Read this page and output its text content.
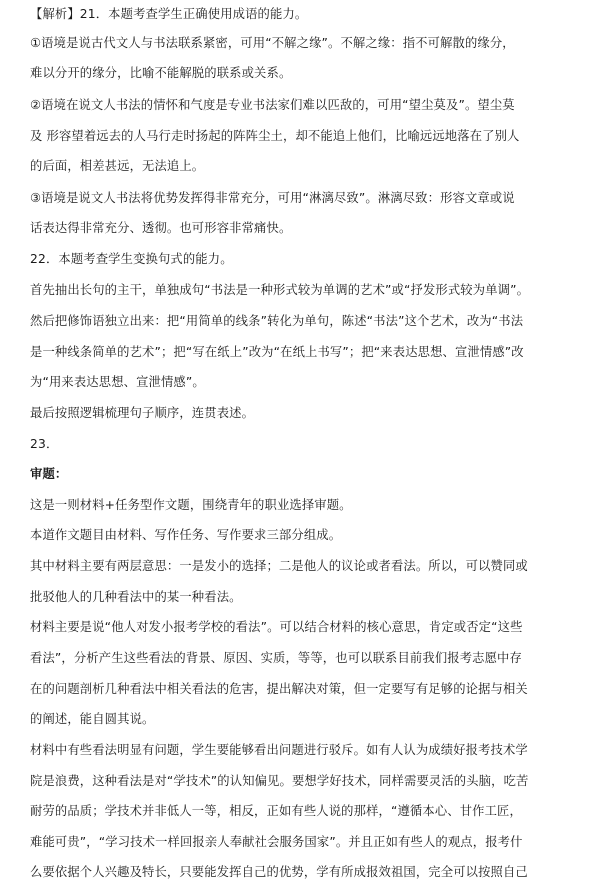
【解析】21．本题考查学生正确使用成语的能力。
①语境是说古代文人与书法联系紧密，可用“不解之缘”。不解之缘：指不可解散的缘分，
难以分开的缘分，比喻不能解脱的联系或关系。
②语境在说文人书法的情怀和气度是专业书法家们难以匹敌的，可用“望尘莫及”。望尘莫
及 形容望着远去的人马行走时扬起的阵阵尘土，却不能追上他们，比喻远远地落在了别人
的后面，相差甚远，无法追上。
③语境是说文人书法将优势发挥得非常充分，可用“淋漓尽致”。淋漓尽致：形容文章或说
话表达得非常充分、透彻。也可形容非常痛快。
22．本题考查学生变换句式的能力。
首先抽出长句的主干，单独成句“书法是一种形式较为单调的艺术”或“抒发形式较为单调”。
然后把修饰语独立出来：把“用简单的线条”转化为单句，陈述“书法”这个艺术，改为“书法
是一种线条简单的艺术”；把“写在纸上”改为“在纸上书写”；把“来表达思想、宣泄情感”改
为“用来表达思想、宣泄情感”。
最后按照逻辑梳理句子顺序，连贯表述。
23．
审题：
这是一则材料+任务型作文题，围绕青年的职业选择审题。
本道作文题目由材料、写作任务、写作要求三部分组成。
其中材料主要有两层意思：一是发小的选择；二是他人的议论或者看法。所以，可以赞同或
批驳他人的几种看法中的某一种看法。
材料主要是说“他人对发小报考学校的看法”。可以结合材料的核心意思，肯定或否定“这些
看法”，分析产生这些看法的背景、原因、实质，等等，也可以联系目前我们报考志愿中存
在的问题剖析几种看法中相关看法的危害，提出解决对策，但一定要写有足够的论据与相关
的阐述，能自圆其说。
材料中有些看法明显有问题，学生要能够看出问题进行驳斥。如有人认为成绩好报考技术学
院是浪费，这种看法是对“学技术”的认知偏见。要想学好技术，同样需要灵活的头脑，吃苦
耐劳的品质；学技术并非低人一等，相反，正如有些人说的那样，“遵循本心、甘作工匠，
难能可贵”，“学习技术一样回报亲人奉献社会服务国家”。并且正如有些人的观点，报考什
么要依据个人兴趣及特长，只要能发挥自己的优势，学有所成报效祖国，完全可以按照自己
